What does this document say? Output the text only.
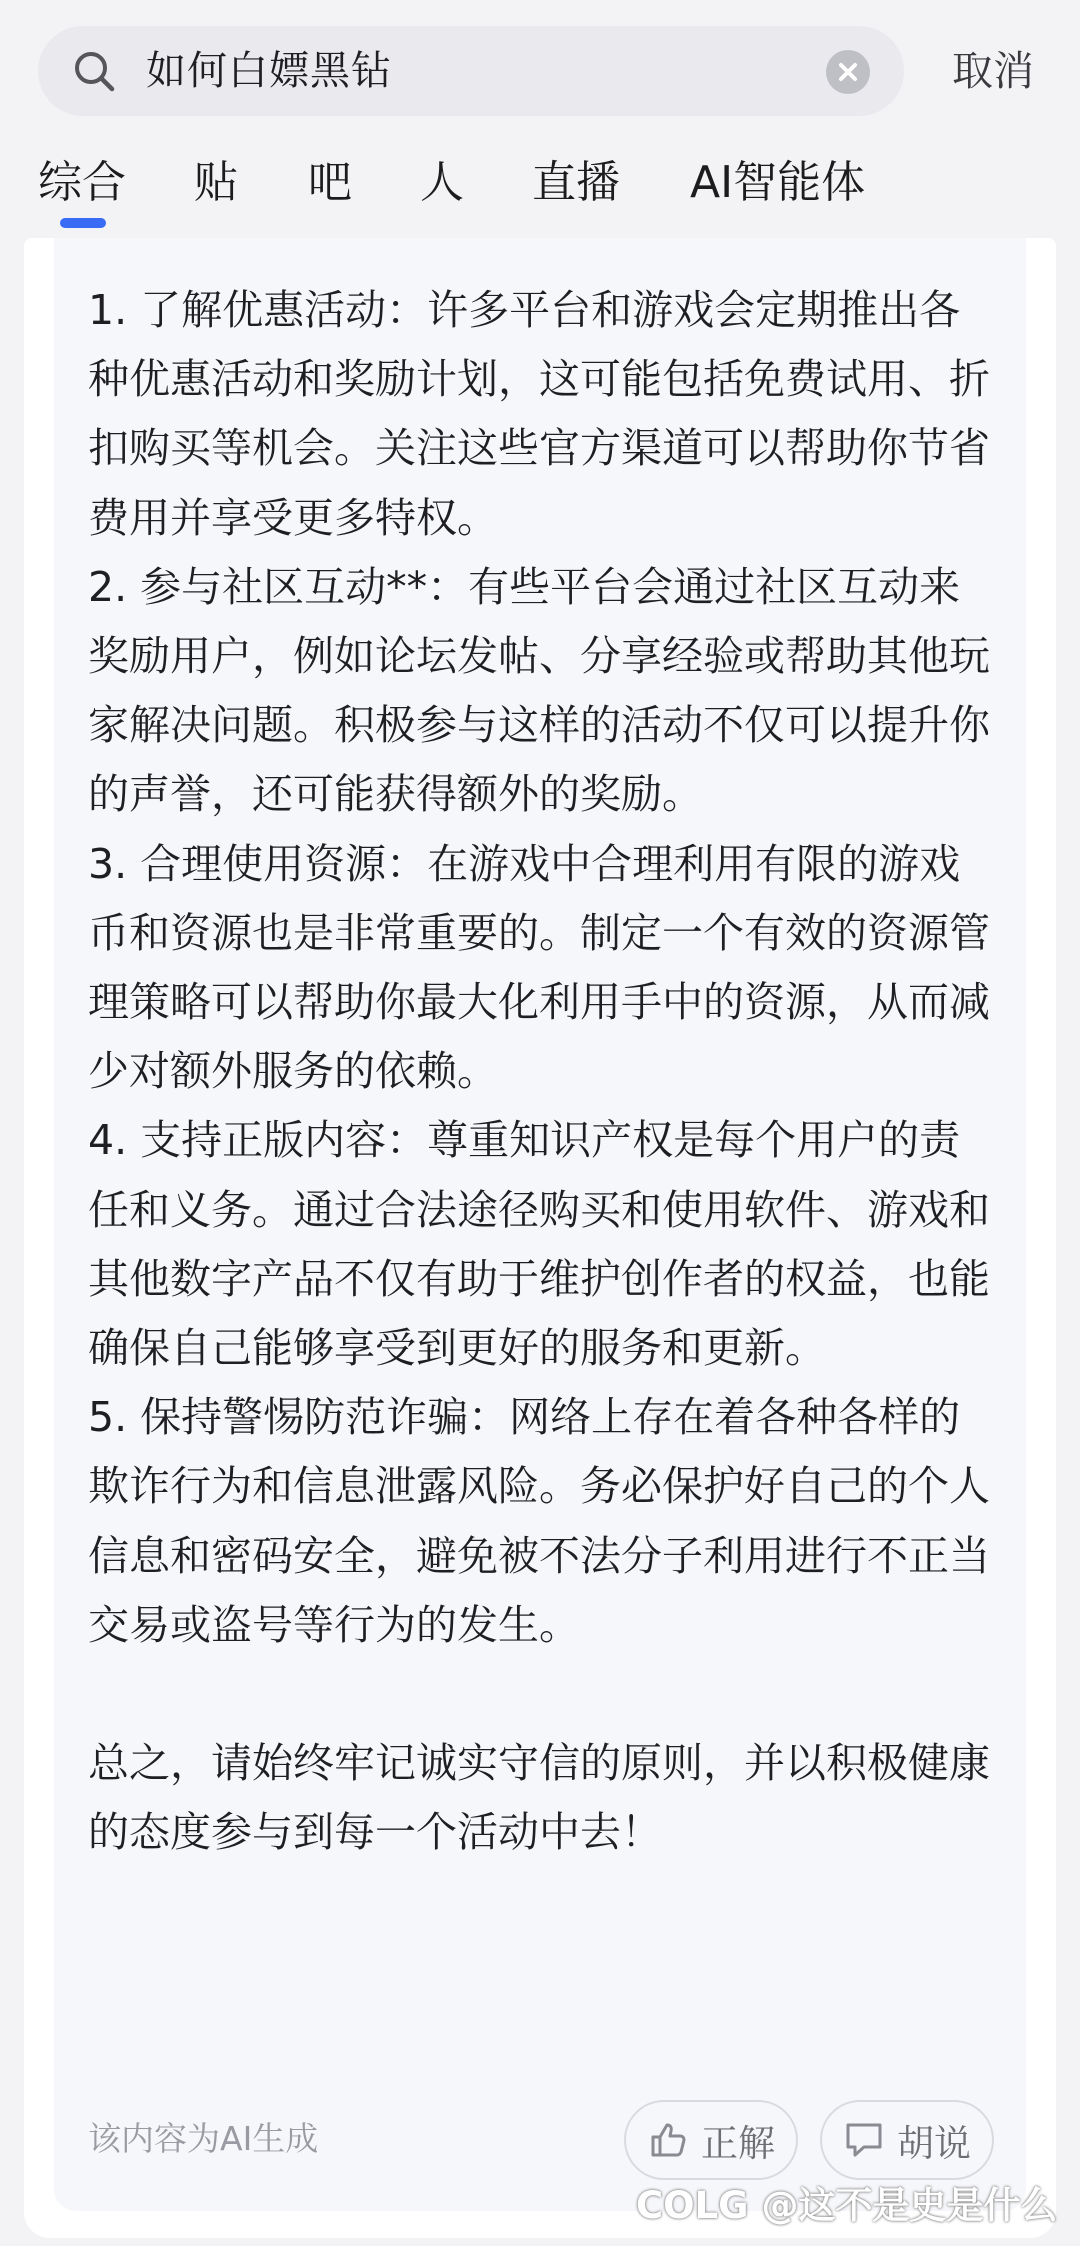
如何白嫖黑钻	取消
综合 贴 吧 人 直播 AI智能体

1. 了解优惠活动：许多平台和游戏会定期推出各种优惠活动和奖励计划，这可能包括免费试用、折扣购买等机会。关注这些官方渠道可以帮助你节省费用并享受更多特权。

2. 参与社区互动**：有些平台会通过社区互动来奖励用户，例如论坛发帖、分享经验或帮助其他玩家解决问题。积极参与这样的活动不仅可以提升你的声誉，还可能获得额外的奖励。

3. 合理使用资源：在游戏中合理利用有限的游戏币和资源也是非常重要的。制定一个有效的资源管理策略可以帮助你最大化利用手中的资源，从而减少对额外服务的依赖。

4. 支持正版内容：尊重知识产权是每个用户的责任和义务。通过合法途径购买和使用软件、游戏和其他数字产品不仅有助于维护创作者的权益，也能确保自己能够享受到更好的服务和更新。

5. 保持警惕防范诈骗：网络上存在着各种各样的欺诈行为和信息泄露风险。务必保护好自己的个人信息和密码安全，避免被不法分子利用进行不正当交易或盗号等行为的发生。

总之，请始终牢记诚实守信的原则，并以积极健康的态度参与到每一个活动中去！

该内容为AI生成	正解	胡说
COLG @这不是史是什么
